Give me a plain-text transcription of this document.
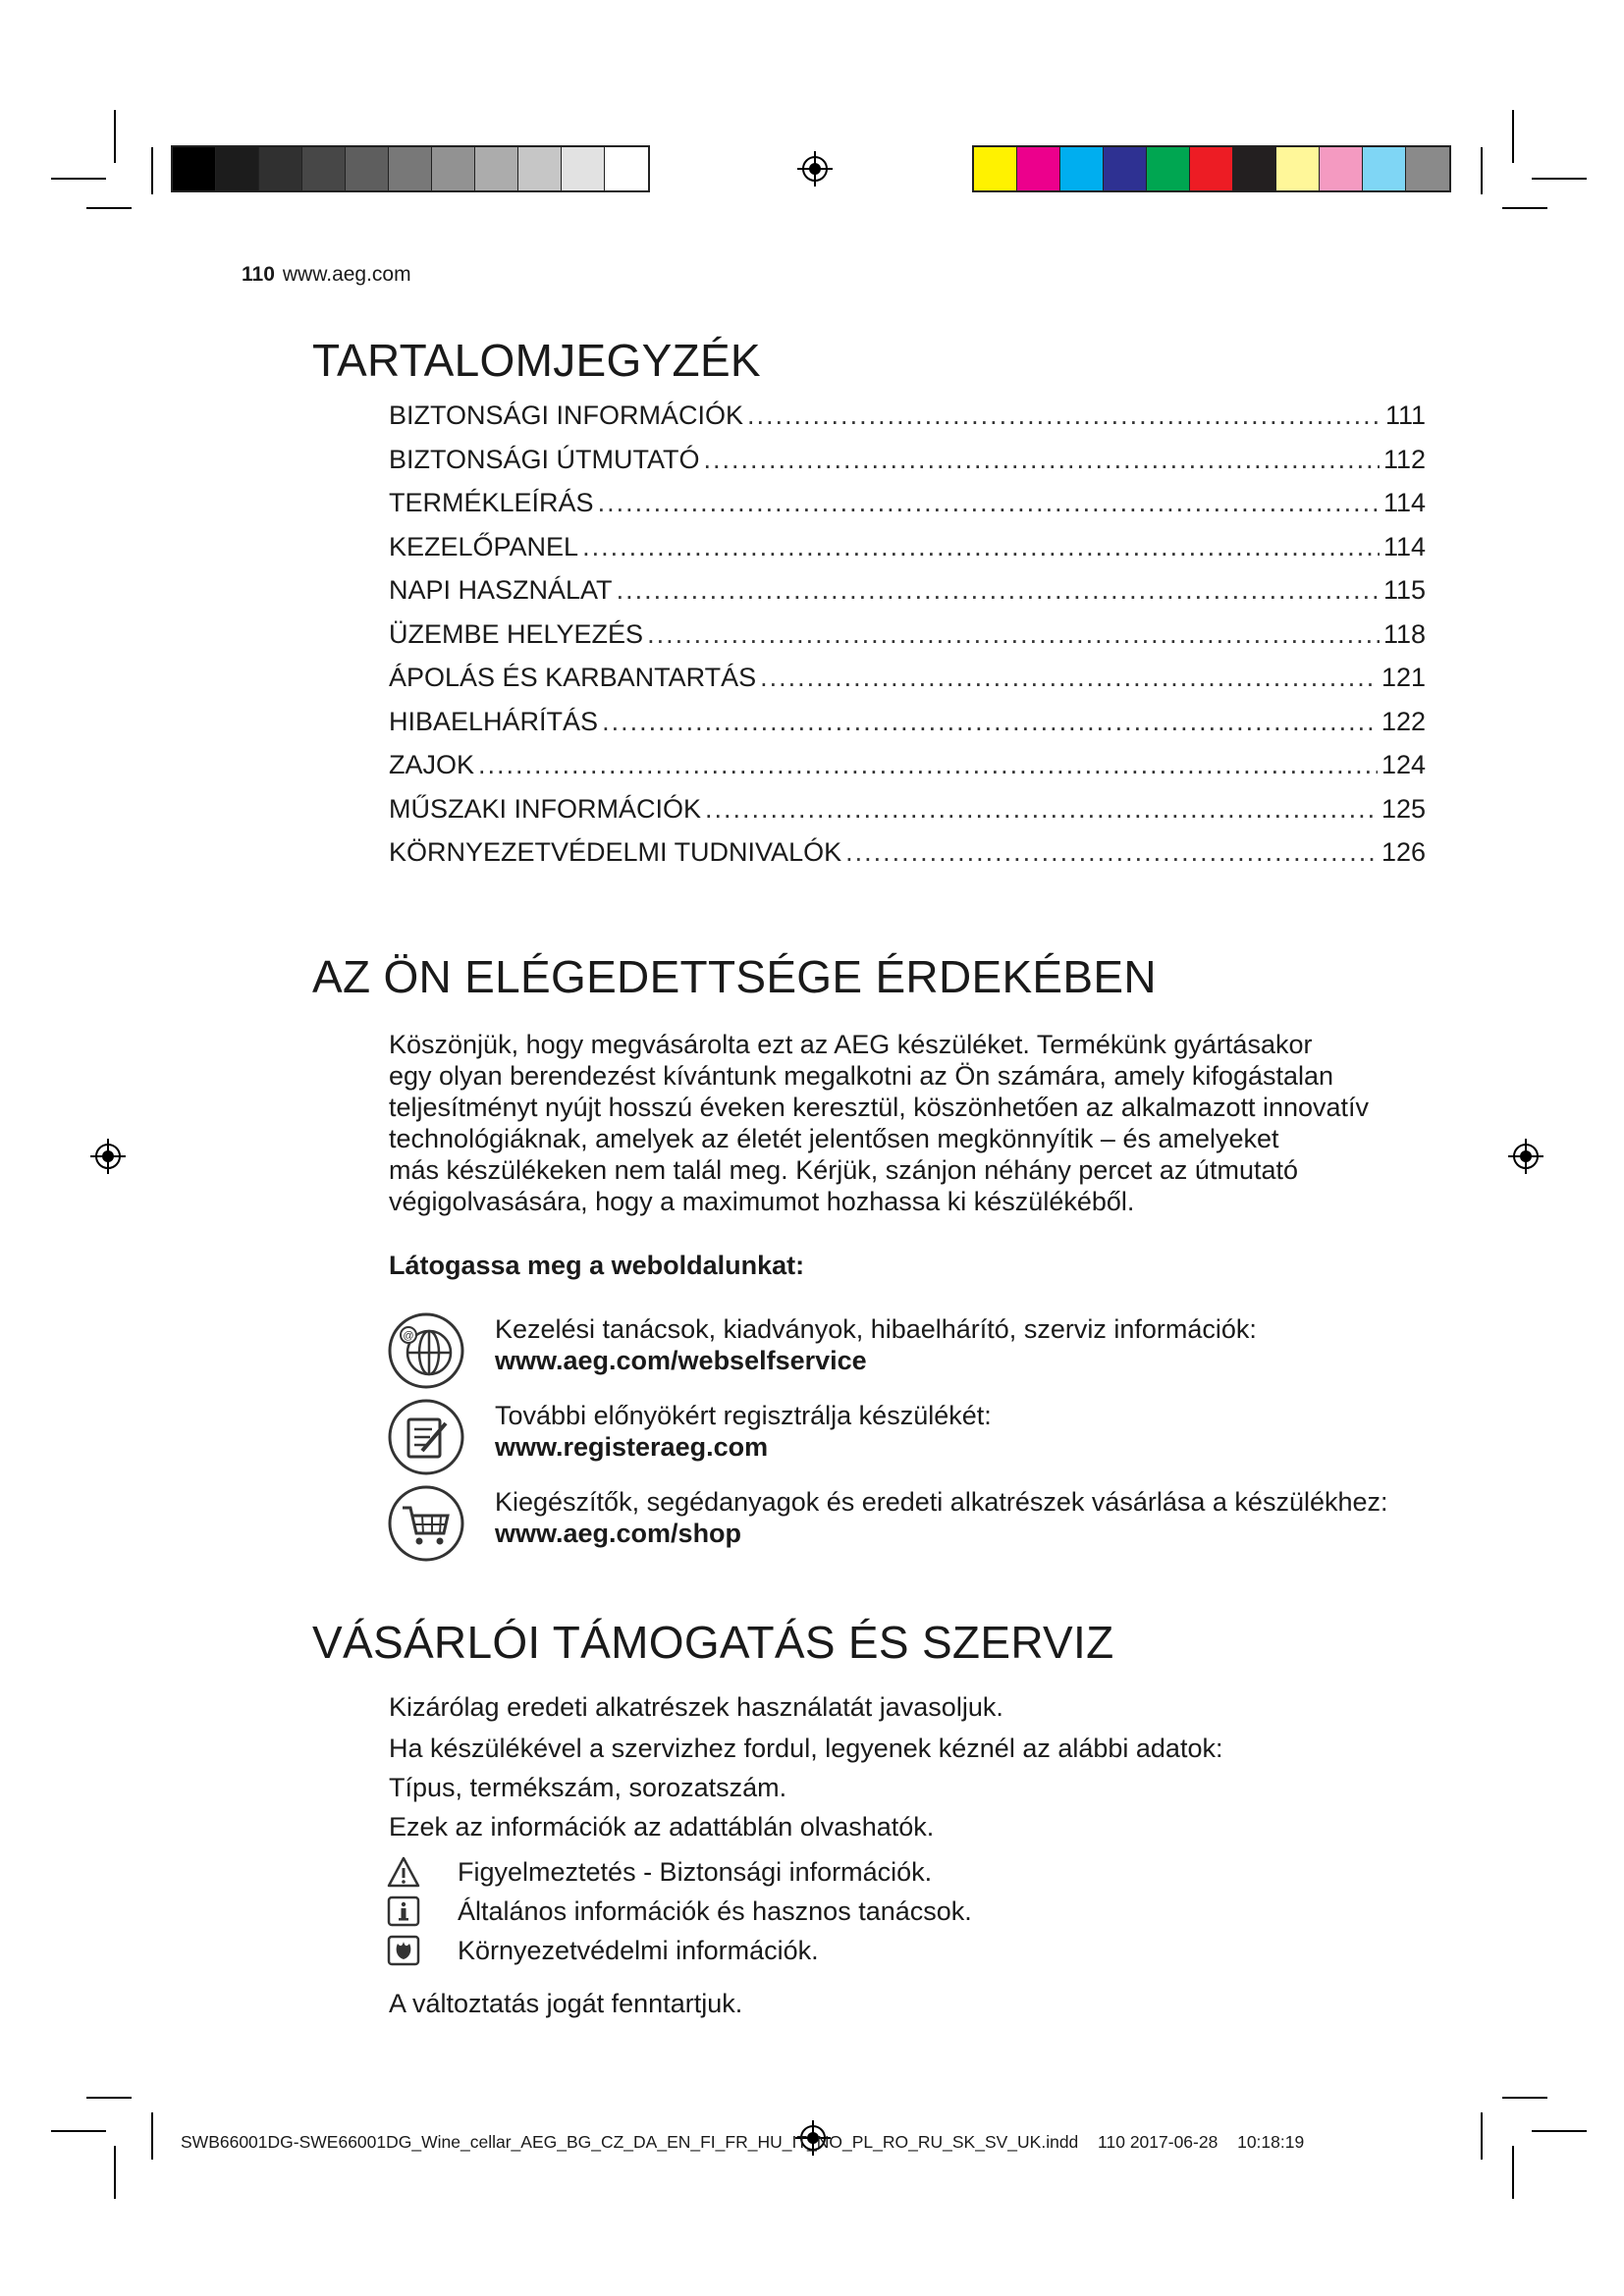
110 www.aeg.com
TARTALOMJEGYZÉK
BIZTONSÁGI INFORMÁCIÓK .....	111
BIZTONSÁGI ÚTMUTATÓ .....	112
TERMÉKLEÍRÁS .....	114
KEZELŐPANEL .....	114
NAPI HASZNÁLAT .....	115
ÜZEMBE HELYEZÉS .....	118
ÁPOLÁS ÉS KARBANTARTÁS .....	121
HIBAELHÁRÍTÁS .....	122
ZAJOK .....	124
MŰSZAKI INFORMÁCIÓK .....	125
KÖRNYEZETVÉDELMI TUDNIVALÓK .....	126
AZ ÖN ELÉGEDETTSÉGE ÉRDEKÉBEN
Köszönjük, hogy megvásárolta ezt az AEG készüléket. Termékünk gyártásakor
egy olyan berendezést kívántunk megalkotni az Ön számára, amely kifogástalan
teljesítményt nyújt hosszú éveken keresztül, köszönhetően az alkalmazott innovatív
technológiáknak, amelyek az életét jelentősen megkönnyítik – és amelyeket
más készülékeken nem talál meg. Kérjük, szánjon néhány percet az útmutató
végigolvasására, hogy a maximumot hozhassa ki készülékéből.
Látogassa meg a weboldalunkat:
@	Kezelési tanácsok, kiadványok, hibaelhárító, szerviz információk:
www.aeg.com/webselfservice
További előnyökért regisztrálja készülékét:
www.registeraeg.com
Kiegészítők, segédanyagok és eredeti alkatrészek vásárlása a készülékhez:
www.aeg.com/shop
VÁSÁRLÓI TÁMOGATÁS ÉS SZERVIZ
Kizárólag eredeti alkatrészek használatát javasoljuk.
Ha készülékével a szervizhez fordul, legyenek kéznél az alábbi adatok:
Típus, termékszám, sorozatszám.
Ezek az információk az adattáblán olvashatók.
Figyelmeztetés - Biztonsági információk.
Általános információk és hasznos tanácsok.
Környezetvédelmi információk.
A változtatás jogát fenntartjuk.
SWB66001DG-SWE66001DG_Wine_cellar_AEG_BG_CZ_DA_EN_FI_FR_HU_IT_NO_PL_RO_RU_SK_SV_UK.indd 110 2017-06-28 10:18:19
